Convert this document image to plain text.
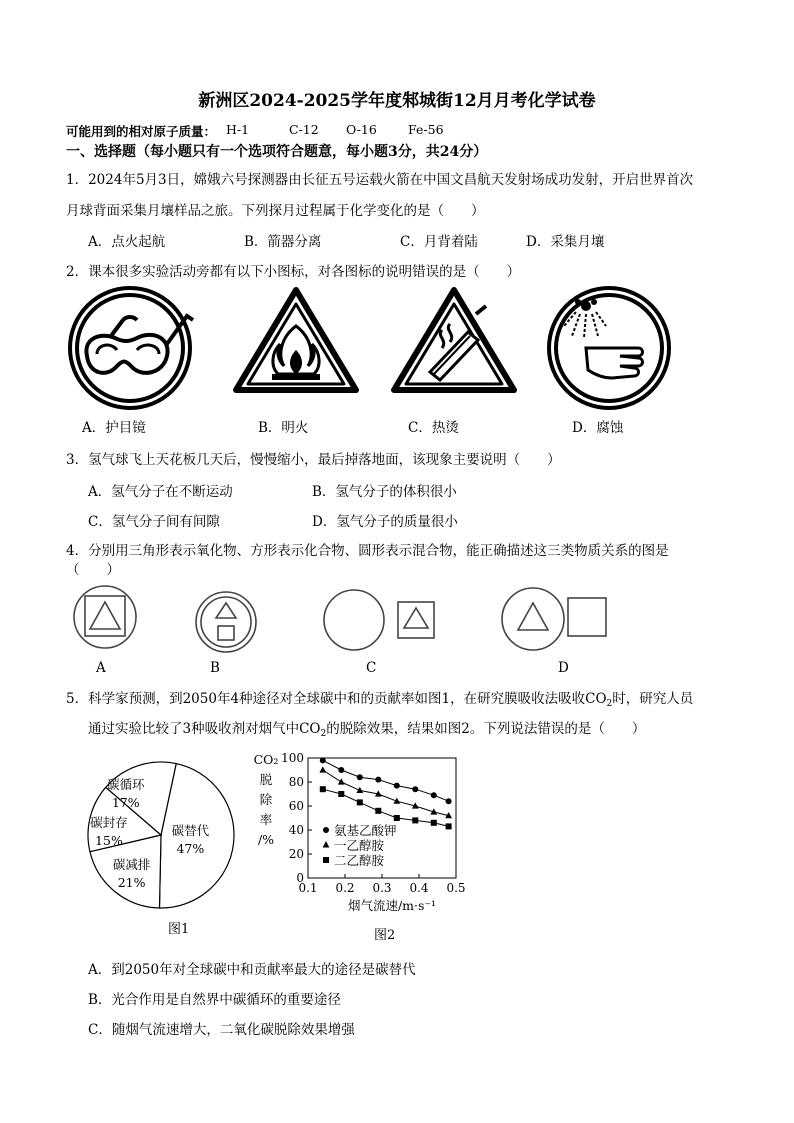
新洲区2024-2025学年度邾城街12月月考化学试卷
可能用到的相对原子质量： H-1	C-12 O-16 Fe-56
一、选择题（每小题只有一个选项符合题意，每小题3分，共24分）
1．2024年5月3日，嫦娥六号探测器由长征五号运载火箭在中国文昌航天发射场成功发射，开启世界首次
月球背面采集月壤样品之旅。下列探月过程属于化学变化的是（　　）
A．点火起航	B．箭器分离	C．月背着陆	D．采集月壤
2．课本很多实验活动旁都有以下小图标，对各图标的说明错误的是（　　）
A．护目镜	B．明火	C．热烫	D．腐蚀
3．氢气球飞上天花板几天后，慢慢缩小，最后掉落地面，该现象主要说明（　　）
A．氢气分子在不断运动	B．氢气分子的体积很小
C．氢气分子间有间隙	D．氢气分子的质量很小
4．分别用三角形表示氧化物、方形表示化合物、圆形表示混合物，能正确描述这三类物质关系的图是
（　　）
A	B	C	D
5．科学家预测，到2050年4种途径对全球碳中和的贡献率如图1，在研究膜吸收法吸收$CO_2$时，研究人员
通过实验比较了3种吸收剂对烟气中$CO_2$的脱除效果，结果如图2。下列说法错误的是（　　）
碳替代
47%
碳减排
21%
碳封存
15%
碳循环
17%
图1
0
20
40
60
80
100
0.1 0.2 0.3 0.4 0.5
CO₂
脱
除
率
/%
烟气流速/m·s⁻¹
氨基乙酸钾
一乙醇胺
二乙醇胺
图2
A．到2050年对全球碳中和贡献率最大的途径是碳替代
B．光合作用是自然界中碳循环的重要途径
C．随烟气流速增大，二氧化碳脱除效果增强
